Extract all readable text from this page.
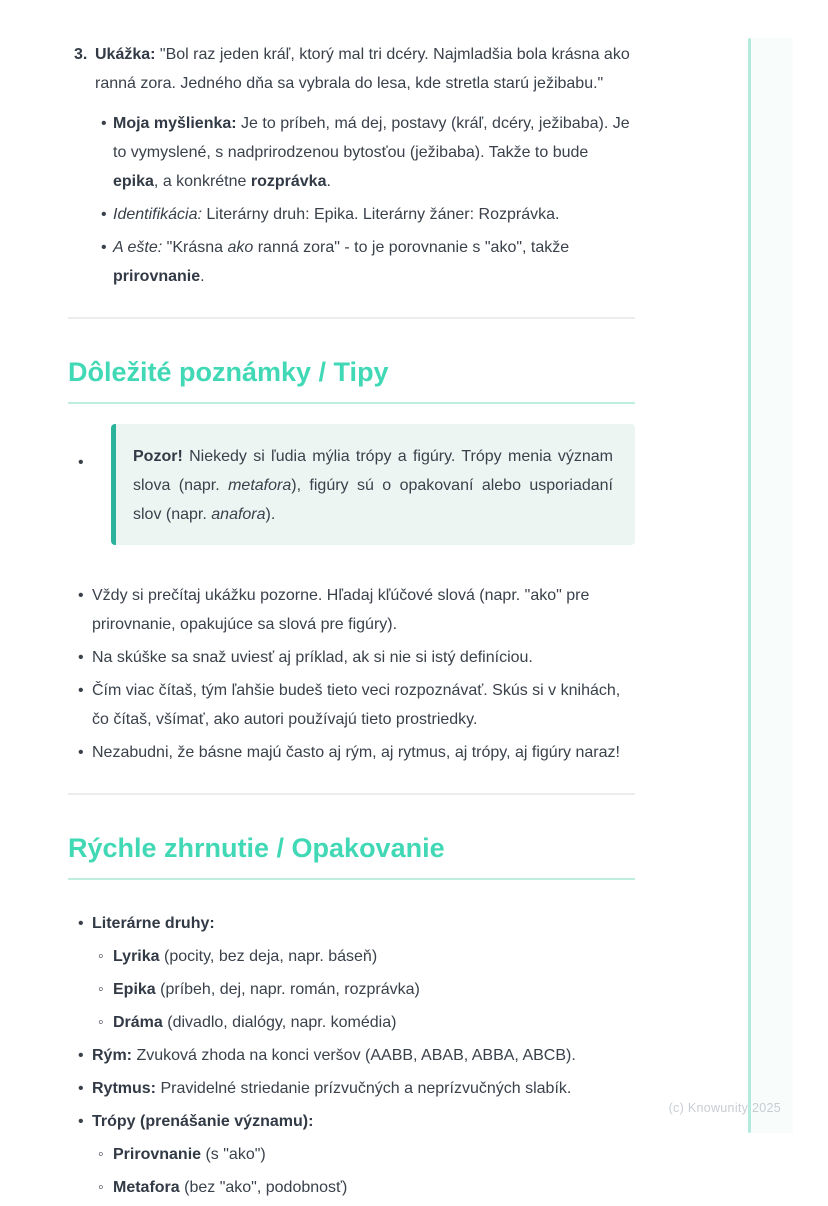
3. Ukážka: "Bol raz jeden kráľ, ktorý mal tri dcéry. Najmladšia bola krásna ako ranná zora. Jedného dňa sa vybrala do lesa, kde stretla starú ježibabu."
• Moja myšlienka: Je to príbeh, má dej, postavy (kráľ, dcéry, ježibaba). Je to vymyslené, s nadprirodzenou bytosťou (ježibaba). Takže to bude epika, a konkrétne rozprávka.
• Identifikácia: Literárny druh: Epika. Literárny žáner: Rozprávka.
• A ešte: "Krásna ako ranná zora" - to je porovnanie s "ako", takže prirovnanie.
Dôležité poznámky / Tipy
• Pozor! Niekedy si ľudia mýlia trópy a figúry. Trópy menia význam slova (napr. metafora), figúry sú o opakovaní alebo usporiadaní slov (napr. anafora).
• Vždy si prečítaj ukážku pozorne. Hľadaj kľúčové slová (napr. "ako" pre prirovnanie, opakujúce sa slová pre figúry).
• Na skúške sa snaž uviesť aj príklad, ak si nie si istý definíciou.
• Čím viac čítaš, tým ľahšie budeš tieto veci rozpoznávať. Skús si v knihách, čo čítaš, všímať, ako autori používajú tieto prostriedky.
• Nezabudni, že básne majú často aj rým, aj rytmus, aj trópy, aj figúry naraz!
Rýchle zhrnutie / Opakovanie
• Literárne druhy:
◦ Lyrika (pocity, bez deja, napr. báseň)
◦ Epika (príbeh, dej, napr. román, rozprávka)
◦ Dráma (divadlo, dialógy, napr. komédia)
• Rým: Zvuková zhoda na konci veršov (AABB, ABAB, ABBA, ABCB).
• Rytmus: Pravidelné striedanie prízvučných a neprízvučných slabík.
• Trópy (prenášanie významu):
◦ Prirovnanie (s "ako")
◦ Metafora (bez "ako", podobnosť)
(c) Knowunity 2025
